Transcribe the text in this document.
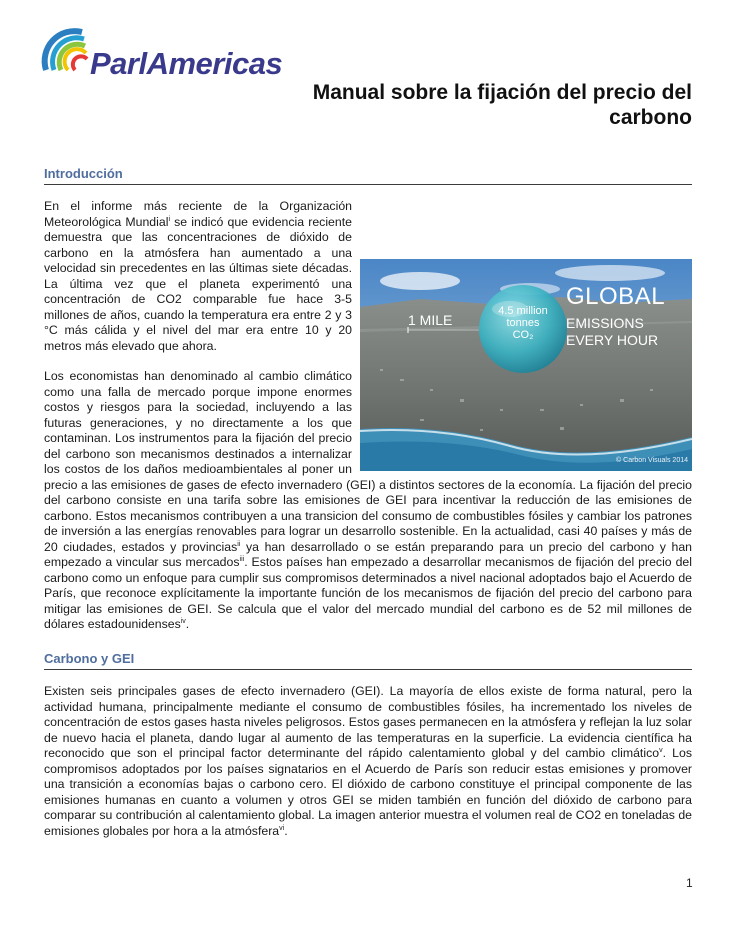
ParlAmericas
Manual sobre la fijación del precio del carbono
Introducción
1 MILE
4.5 million
tonnes
CO₂
GLOBAL
EMISSIONS
EVERY HOUR
© Carbon Visuals 2014
En el informe más reciente de la Organización Meteorológica Mundial$^i$ se indicó que evidencia reciente demuestra que las concentraciones de dióxido de carbono en la atmósfera han aumentado a una velocidad sin precedentes en las últimas siete décadas. La última vez que el planeta experimentó una concentración de CO2 comparable fue hace 3-5 millones de años, cuando la temperatura era entre 2 y 3 °C más cálida y el nivel del mar era entre 10 y 20 metros más elevado que ahora.
Los economistas han denominado al cambio climático como una falla de mercado porque impone enormes costos y riesgos para la sociedad, incluyendo a las futuras generaciones, y no directamente a los que contaminan. Los instrumentos para la fijación del precio del carbono son mecanismos destinados a internalizar los costos de los daños medioambientales al poner un precio a las emisiones de gases de efecto invernadero (GEI) a distintos sectores de la economía. La fijación del precio del carbono consiste en una tarifa sobre las emisiones de GEI para incentivar la reducción de las emisiones de carbono. Estos mecanismos contribuyen a una transicion del consumo de combustibles fósiles y cambiar los patrones de inversión a las energías renovables para lograr un desarrollo sostenible. En la actualidad, casi 40 países y más de 20 ciudades, estados y provincias$^{ii}$ ya han desarrollado o se están preparando para un precio del carbono y han empezado a vincular sus mercados$^{iii}$. Estos países han empezado a desarrollar mecanismos de fijación del precio del carbono como un enfoque para cumplir sus compromisos determinados a nivel nacional adoptados bajo el Acuerdo de París, que reconoce explícitamente la importante función de los mecanismos de fijación del precio del carbono para mitigar las emisiones de GEI. Se calcula que el valor del mercado mundial del carbono es de 52 mil millones de dólares estadounidenses$^{iv}$.
Carbono y GEI
Existen seis principales gases de efecto invernadero (GEI). La mayoría de ellos existe de forma natural, pero la actividad humana, principalmente mediante el consumo de combustibles fósiles, ha incrementado los niveles de concentración de estos gases hasta niveles peligrosos. Estos gases permanecen en la atmósfera y reflejan la luz solar de nuevo hacia el planeta, dando lugar al aumento de las temperaturas en la superficie. La evidencia científica ha reconocido que son el principal factor determinante del rápido calentamiento global y del cambio climático$^v$. Los compromisos adoptados por los países signatarios en el Acuerdo de París son reducir estas emisiones y promover una transición a economías bajas o carbono cero. El dióxido de carbono constituye el principal componente de las emisiones humanas en cuanto a volumen y otros GEI se miden también en función del dióxido de carbono para comparar su contribución al calentamiento global. La imagen anterior muestra el volumen real de CO2 en toneladas de emisiones globales por hora a la atmósfera$^{vi}$.
1
